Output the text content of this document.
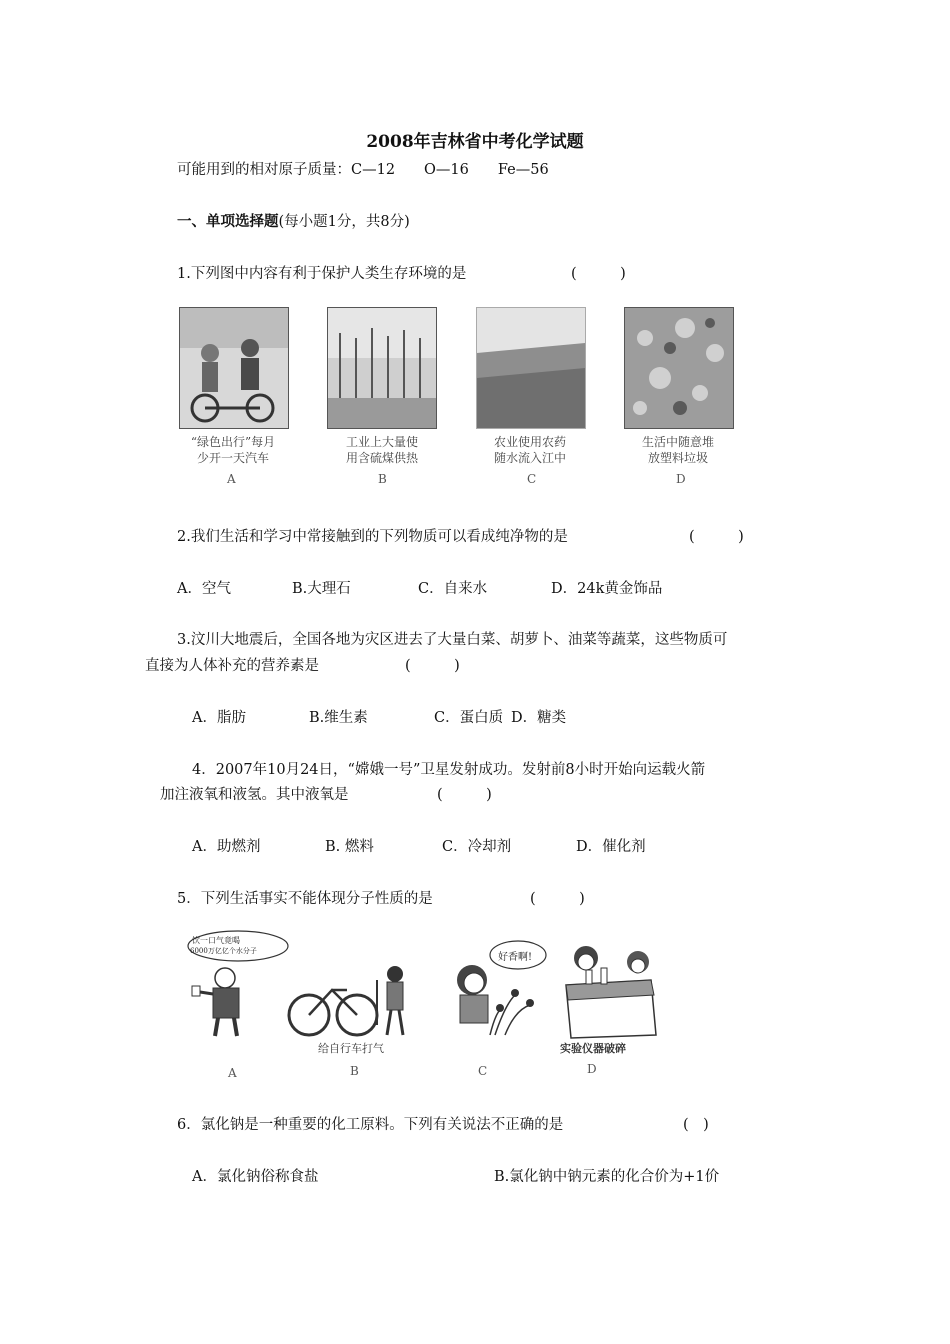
2008年吉林省中考化学试题
可能用到的相对原子质量：C—12　　O—16　　Fe—56
一、单项选择题(每小题1分，共8分)
1.下列图中内容有利于保护人类生存环境的是	(　　　)
“绿色出行”每月
少开一天汽车
工业上大量使
用含硫煤供热
农业使用农药
随水流入江中
生活中随意堆
放塑料垃圾
A	B	C	D
2.我们生活和学习中常接触到的下列物质可以看成纯净物的是	(　　　)
A．空气	B.大理石	C．自来水	D．24k黄金饰品
3.汶川大地震后，全国各地为灾区进去了大量白菜、胡萝卜、油菜等蔬菜，这些物质可
直接为人体补充的营养素是	(　　　)
A．脂肪	B.维生素	C．蛋白质 D．糖类
4．2007年10月24日，“嫦娥一号”卫星发射成功。发射前8小时开始向运载火箭
加注液氧和液氢。其中液氧是	(　　　)
A．助燃剂	B. 燃料	C．冷却剂	D．催化剂
5．下列生活事实不能体现分子性质的是	(　　　)
饮一口气竟喝
6000万亿亿个水分子
给自行车打气
好香啊!
实验仪器破碎
A	B	C	D
6．氯化钠是一种重要的化工原料。下列有关说法不正确的是	(　)
A．氯化钠俗称食盐	B.氯化钠中钠元素的化合价为+1价
